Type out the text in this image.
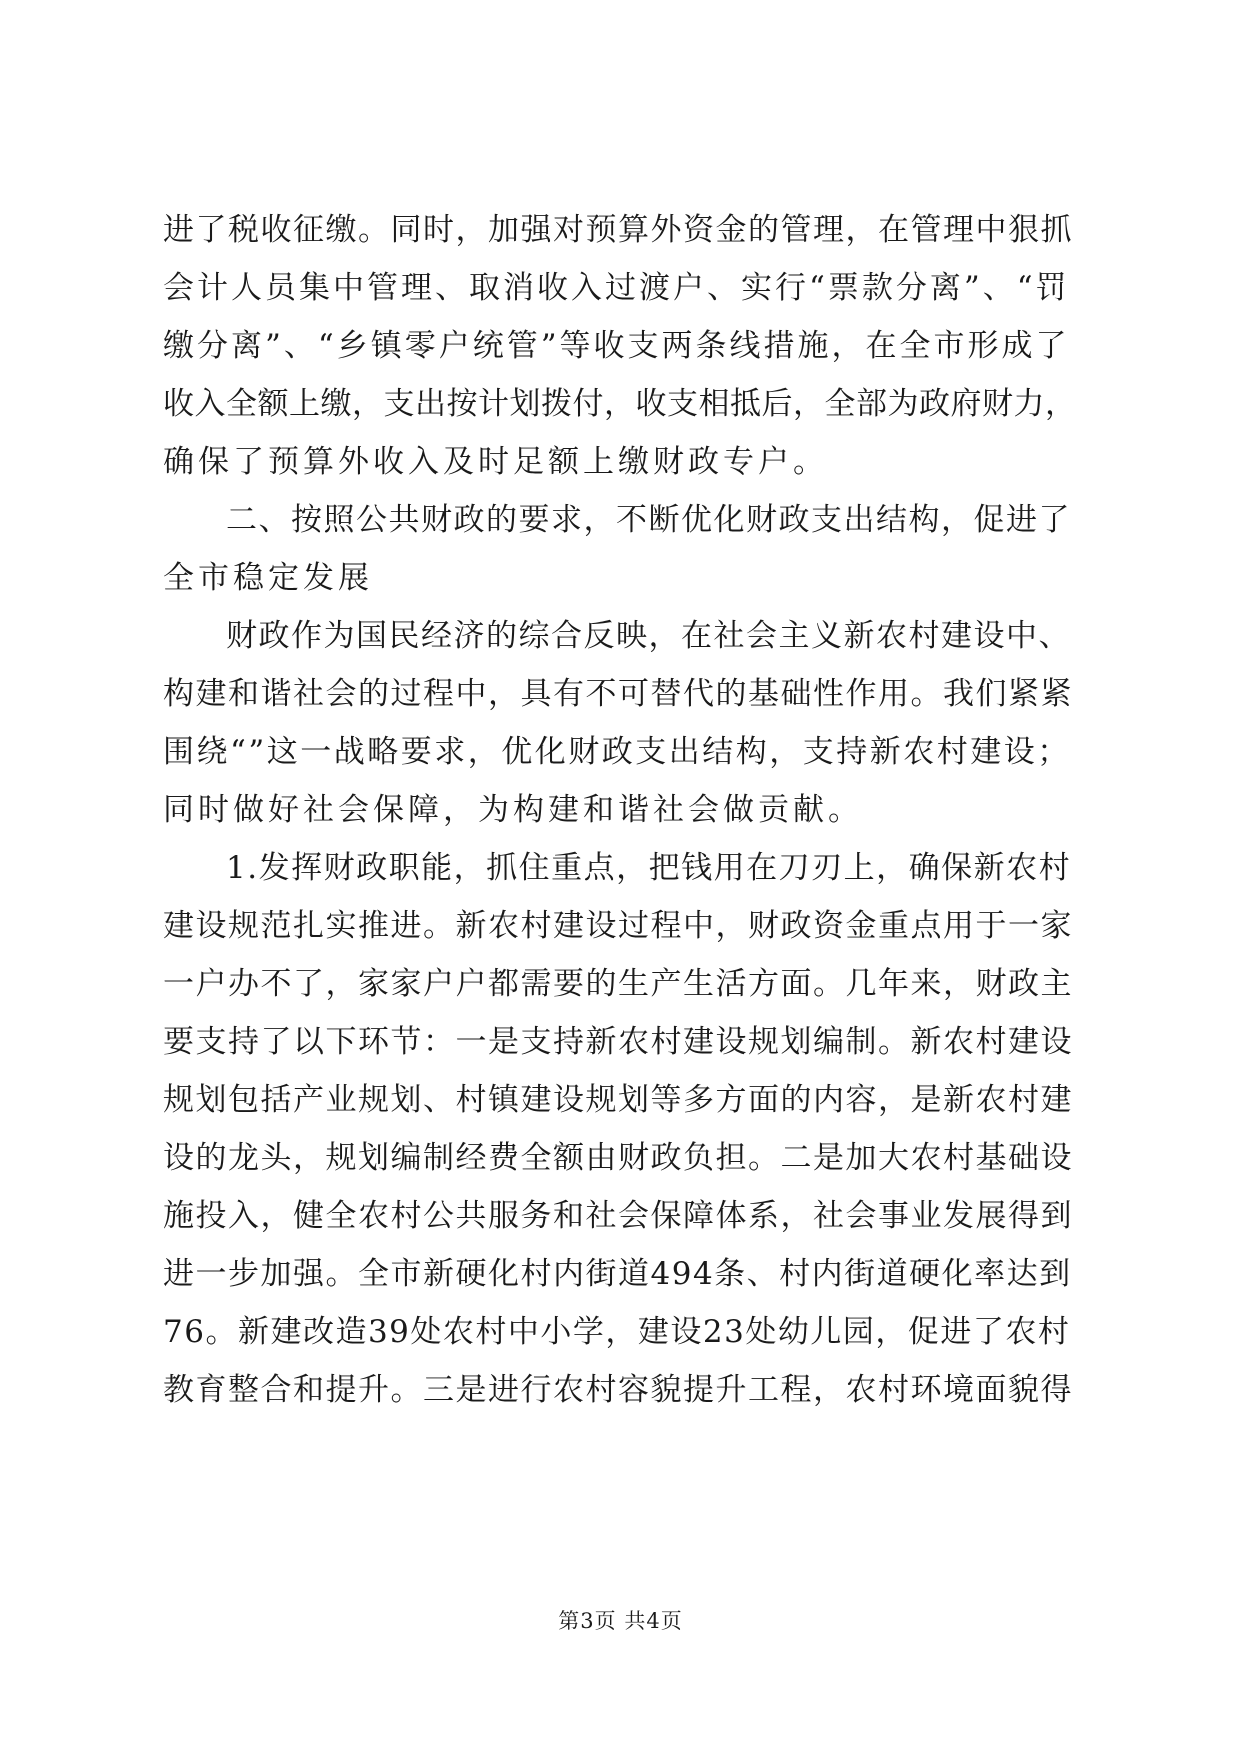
进了税收征缴。同时，加强对预算外资金的管理，在管理中狠抓
会计人员集中管理、取消收入过渡户、实行“票款分离”、“罚
缴分离”、“乡镇零户统管”等收支两条线措施，在全市形成了
收入全额上缴，支出按计划拨付，收支相抵后，全部为政府财力，
确保了预算外收入及时足额上缴财政专户。
二、按照公共财政的要求，不断优化财政支出结构，促进了
全市稳定发展
财政作为国民经济的综合反映，在社会主义新农村建设中、
构建和谐社会的过程中，具有不可替代的基础性作用。我们紧紧
围绕“”这一战略要求，优化财政支出结构，支持新农村建设；
同时做好社会保障，为构建和谐社会做贡献。
1.发挥财政职能，抓住重点，把钱用在刀刃上，确保新农村
建设规范扎实推进。新农村建设过程中，财政资金重点用于一家
一户办不了，家家户户都需要的生产生活方面。几年来，财政主
要支持了以下环节：一是支持新农村建设规划编制。新农村建设
规划包括产业规划、村镇建设规划等多方面的内容，是新农村建
设的龙头，规划编制经费全额由财政负担。二是加大农村基础设
施投入，健全农村公共服务和社会保障体系，社会事业发展得到
进一步加强。全市新硬化村内街道494条、村内街道硬化率达到
76。新建改造39处农村中小学，建设23处幼儿园，促进了农村
教育整合和提升。三是进行农村容貌提升工程，农村环境面貌得
第3页 共4页
